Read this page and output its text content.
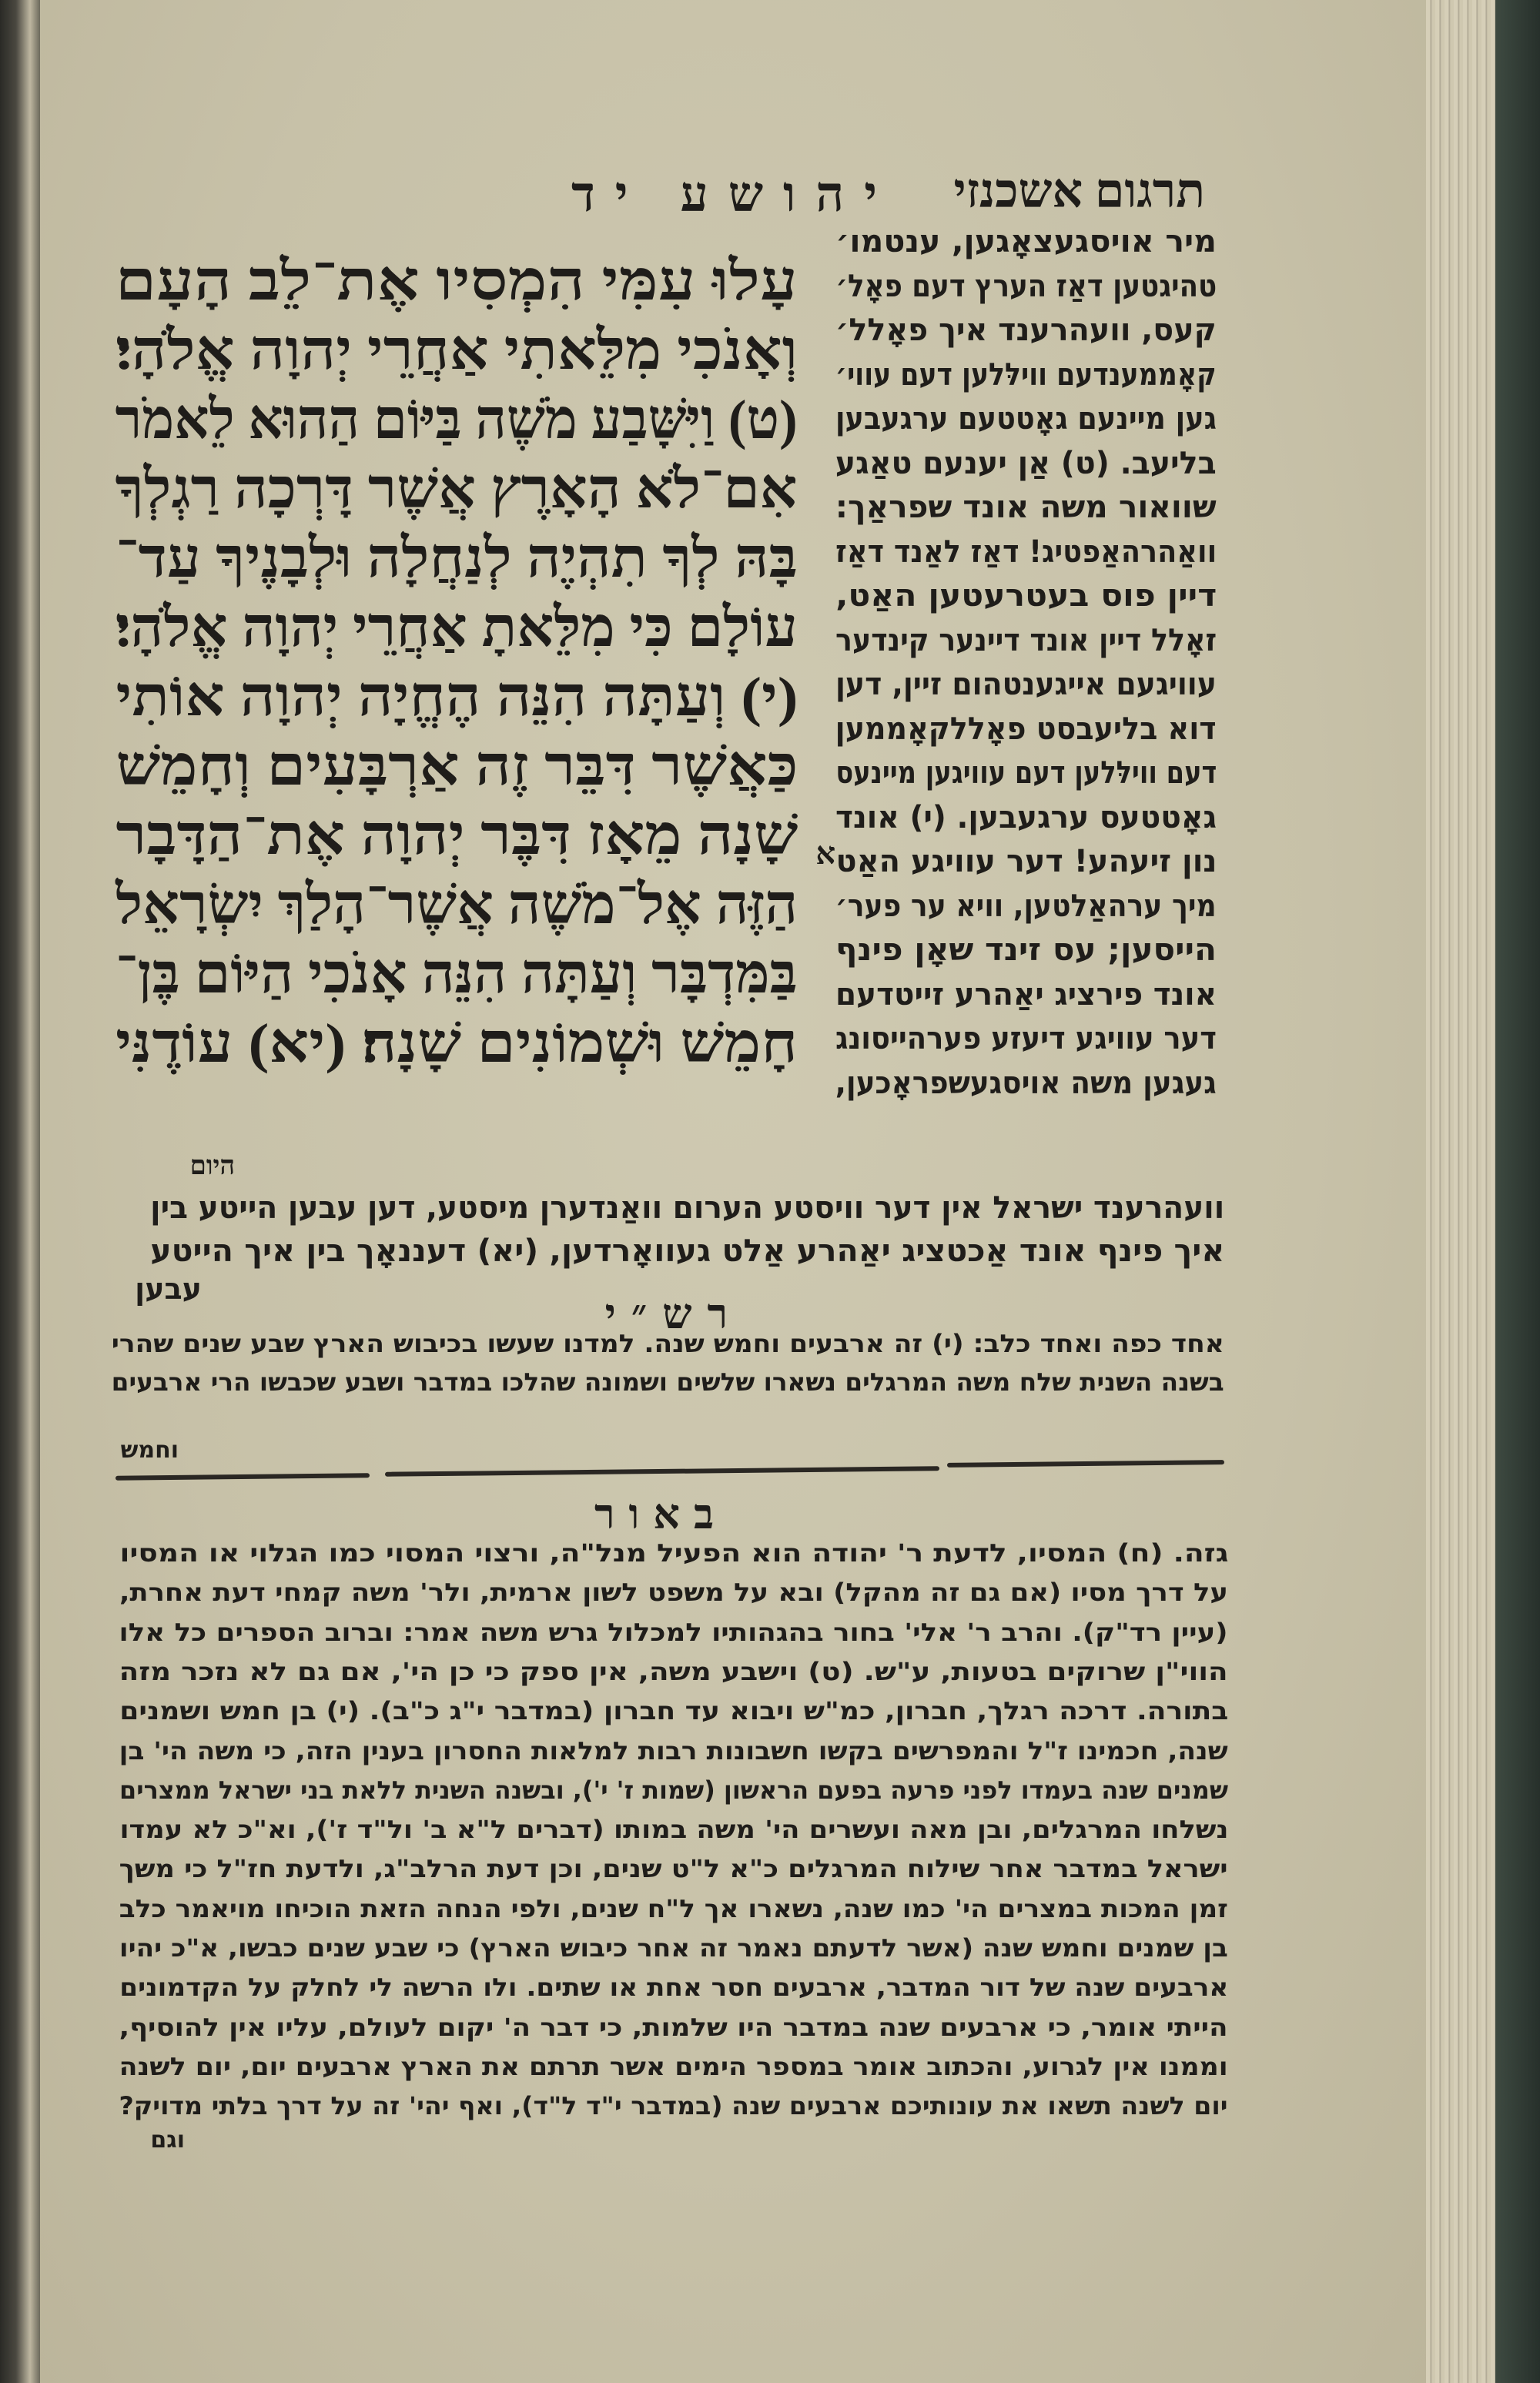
יהושע יד תרגום אשכנזי
עָלוּ עִמִּי הִמְסִיו אֶת־לֵב הָעָם
וְאָנֹכִי מִלֵּאתִי אַחֲרֵי יְהוָה אֱלֹהָי׃
(ט) וַיִּשָּׁבַע מֹשֶׁה בַּיּוֹם הַהוּא לֵאמֹר
אִם־לֹא הָאָרֶץ אֲשֶׁר דָּרְכָה רַגְלְךָ
בָּהּ לְךָ תִהְיֶה לְנַחֲלָה וּלְבָנֶיךָ עַד־
עוֹלָם כִּי מִלֵּאתָ אַחֲרֵי יְהוָה אֱלֹהָי׃
(י) וְעַתָּה הִנֵּה הֶחֱיָה יְהוָה אוֹתִי
כַּאֲשֶׁר דִּבֵּר זֶה אַרְבָּעִים וְחָמֵשׁ
שָׁנָה מֵאָז דִּבֶּר יְהוָה אֶת־הַדָּבָר
הַזֶּה אֶל־מֹשֶׁה אֲשֶׁר־הָלַךְ יִשְׂרָאֵל
בַּמִּדְבָּר וְעַתָּה הִנֵּה אָנֹכִי הַיּוֹם בֶּן־
חָמֵשׁ וּשְׁמוֹנִים שָׁנָה׃ (יא) עוֹדֶנִּי
א
היום
מיר אויסגעצאָגען, ענטמו׳
טהיגטען דאַז הערץ דעם פאָל׳
קעס, וועהרענד איך פאָלל׳
קאָממענדעם ווילּלען דעם עווי׳
גען מיינעם גאָטטעם ערגעבען
בליעב. (ט) אַן יענעם טאַגע
שוואור משה אונד שפראַך:
וואַהרהאַפטיג! דאַז לאַנד דאַז
דיין פוס בעטרעטען האַט,
זאָלל דיין אונד דיינער קינדער
עוויגעם אייגענטהום זיין, דען
דוא בליעבסט פאָללקאָממען
דעם ווילּלען דעם עוויגען מיינעס
גאָטטעס ערגעבען. (י) אונד
נון זיעהע! דער עוויגע האַט
מיך ערהאַלטען, וויא ער פער׳
הייסען; עס זינד שאָן פינף
אונד פירציג יאַהרע זייטדעם
דער עוויגע דיעזע פערהייסונג
געגען משה אויסגעשפראָכען,
וועהרענד ישראל אין דער וויסטע הערום וואַנדערן מיסטע, דען עבען הייטע בין
איך פינף אונד אַכטציג יאַהרע אַלט געוואָרדען, (יא) דעננאָך בין איך הייטע
עבען
רש״י
אחד כפה ואחד כלב: (י) זה ארבעים וחמש שנה. למדנו שעשו בכיבוש הארץ שבע שנים שהרי
בשנה השנית שלח משה המרגלים נשארו שלשים ושמונה שהלכו במדבר ושבע שכבשו הרי ארבעים
וחמש
באור
גזה. (ח) המסיו, לדעת ר' יהודה הוא הפעיל מנל"ה, ורצוי המסוי כמו הגלוי או המסיו
על דרך מסיו (אם גם זה מהקל) ובא על משפט לשון ארמית, ולר' משה קמחי דעת אחרת,
(עיין רד"ק). והרב ר' אלי' בחור בהגהותיו למכלול גרש משה אמר: וברוב הספרים כל אלו
הווי"ן שרוקים בטעות, ע"ש. (ט) וישבע משה, אין ספק כי כן הי', אם גם לא נזכר מזה
בתורה. דרכה רגלך, חברון, כמ"ש ויבוא עד חברון (במדבר י"ג כ"ב). (י) בן חמש ושמנים
שנה, חכמינו ז"ל והמפרשים בקשו חשבונות רבות למלאות החסרון בענין הזה, כי משה הי' בן
שמנים שנה בעמדו לפני פרעה בפעם הראשון (שמות ז' י'), ובשנה השנית ללאת בני ישראל ממצרים
נשלחו המרגלים, ובן מאה ועשרים הי' משה במותו (דברים ל"א ב' ול"ד ז'), וא"כ לא עמדו
ישראל במדבר אחר שילוח המרגלים כ"א ל"ט שנים, וכן דעת הרלב"ג, ולדעת חז"ל כי משך
זמן המכות במצרים הי' כמו שנה, נשארו אך ל"ח שנים, ולפי הנחה הזאת הוכיחו מויאמר כלב
בן שמנים וחמש שנה (אשר לדעתם נאמר זה אחר כיבוש הארץ) כי שבע שנים כבשו, א"כ יהיו
ארבעים שנה של דור המדבר, ארבעים חסר אחת או שתים. ולו הרשה לי לחלק על הקדמונים
הייתי אומר, כי ארבעים שנה במדבר היו שלמות, כי דבר ה' יקום לעולם, עליו אין להוסיף,
וממנו אין לגרוע, והכתוב אומר במספר הימים אשר תרתם את הארץ ארבעים יום, יום לשנה
יום לשנה תשאו את עונותיכם ארבעים שנה (במדבר י"ד ל"ד), ואף יהי' זה על דרך בלתי מדויק?
וגם
